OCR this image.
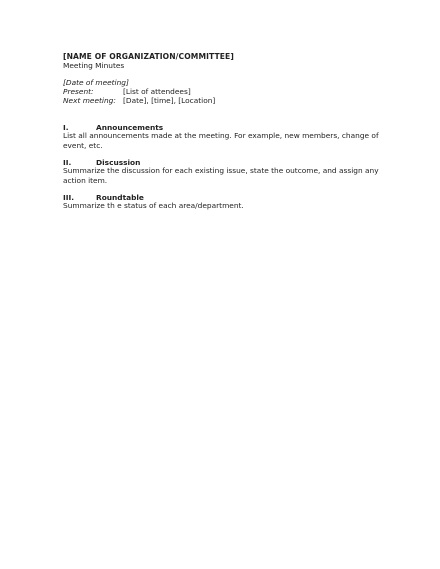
[NAME OF ORGANIZATION/COMMITTEE]
Meeting Minutes
[Date of meeting]
Present:	[List of attendees]
Next meeting: [Date], [time], [Location]
I.	Announcements
List all announcements made at the meeting. For example, new members, change of event, etc.
II.	Discussion
Summarize the discussion for each existing issue, state the outcome, and assign any action item.
III.	Roundtable
Summarize th e status of each area/department.
